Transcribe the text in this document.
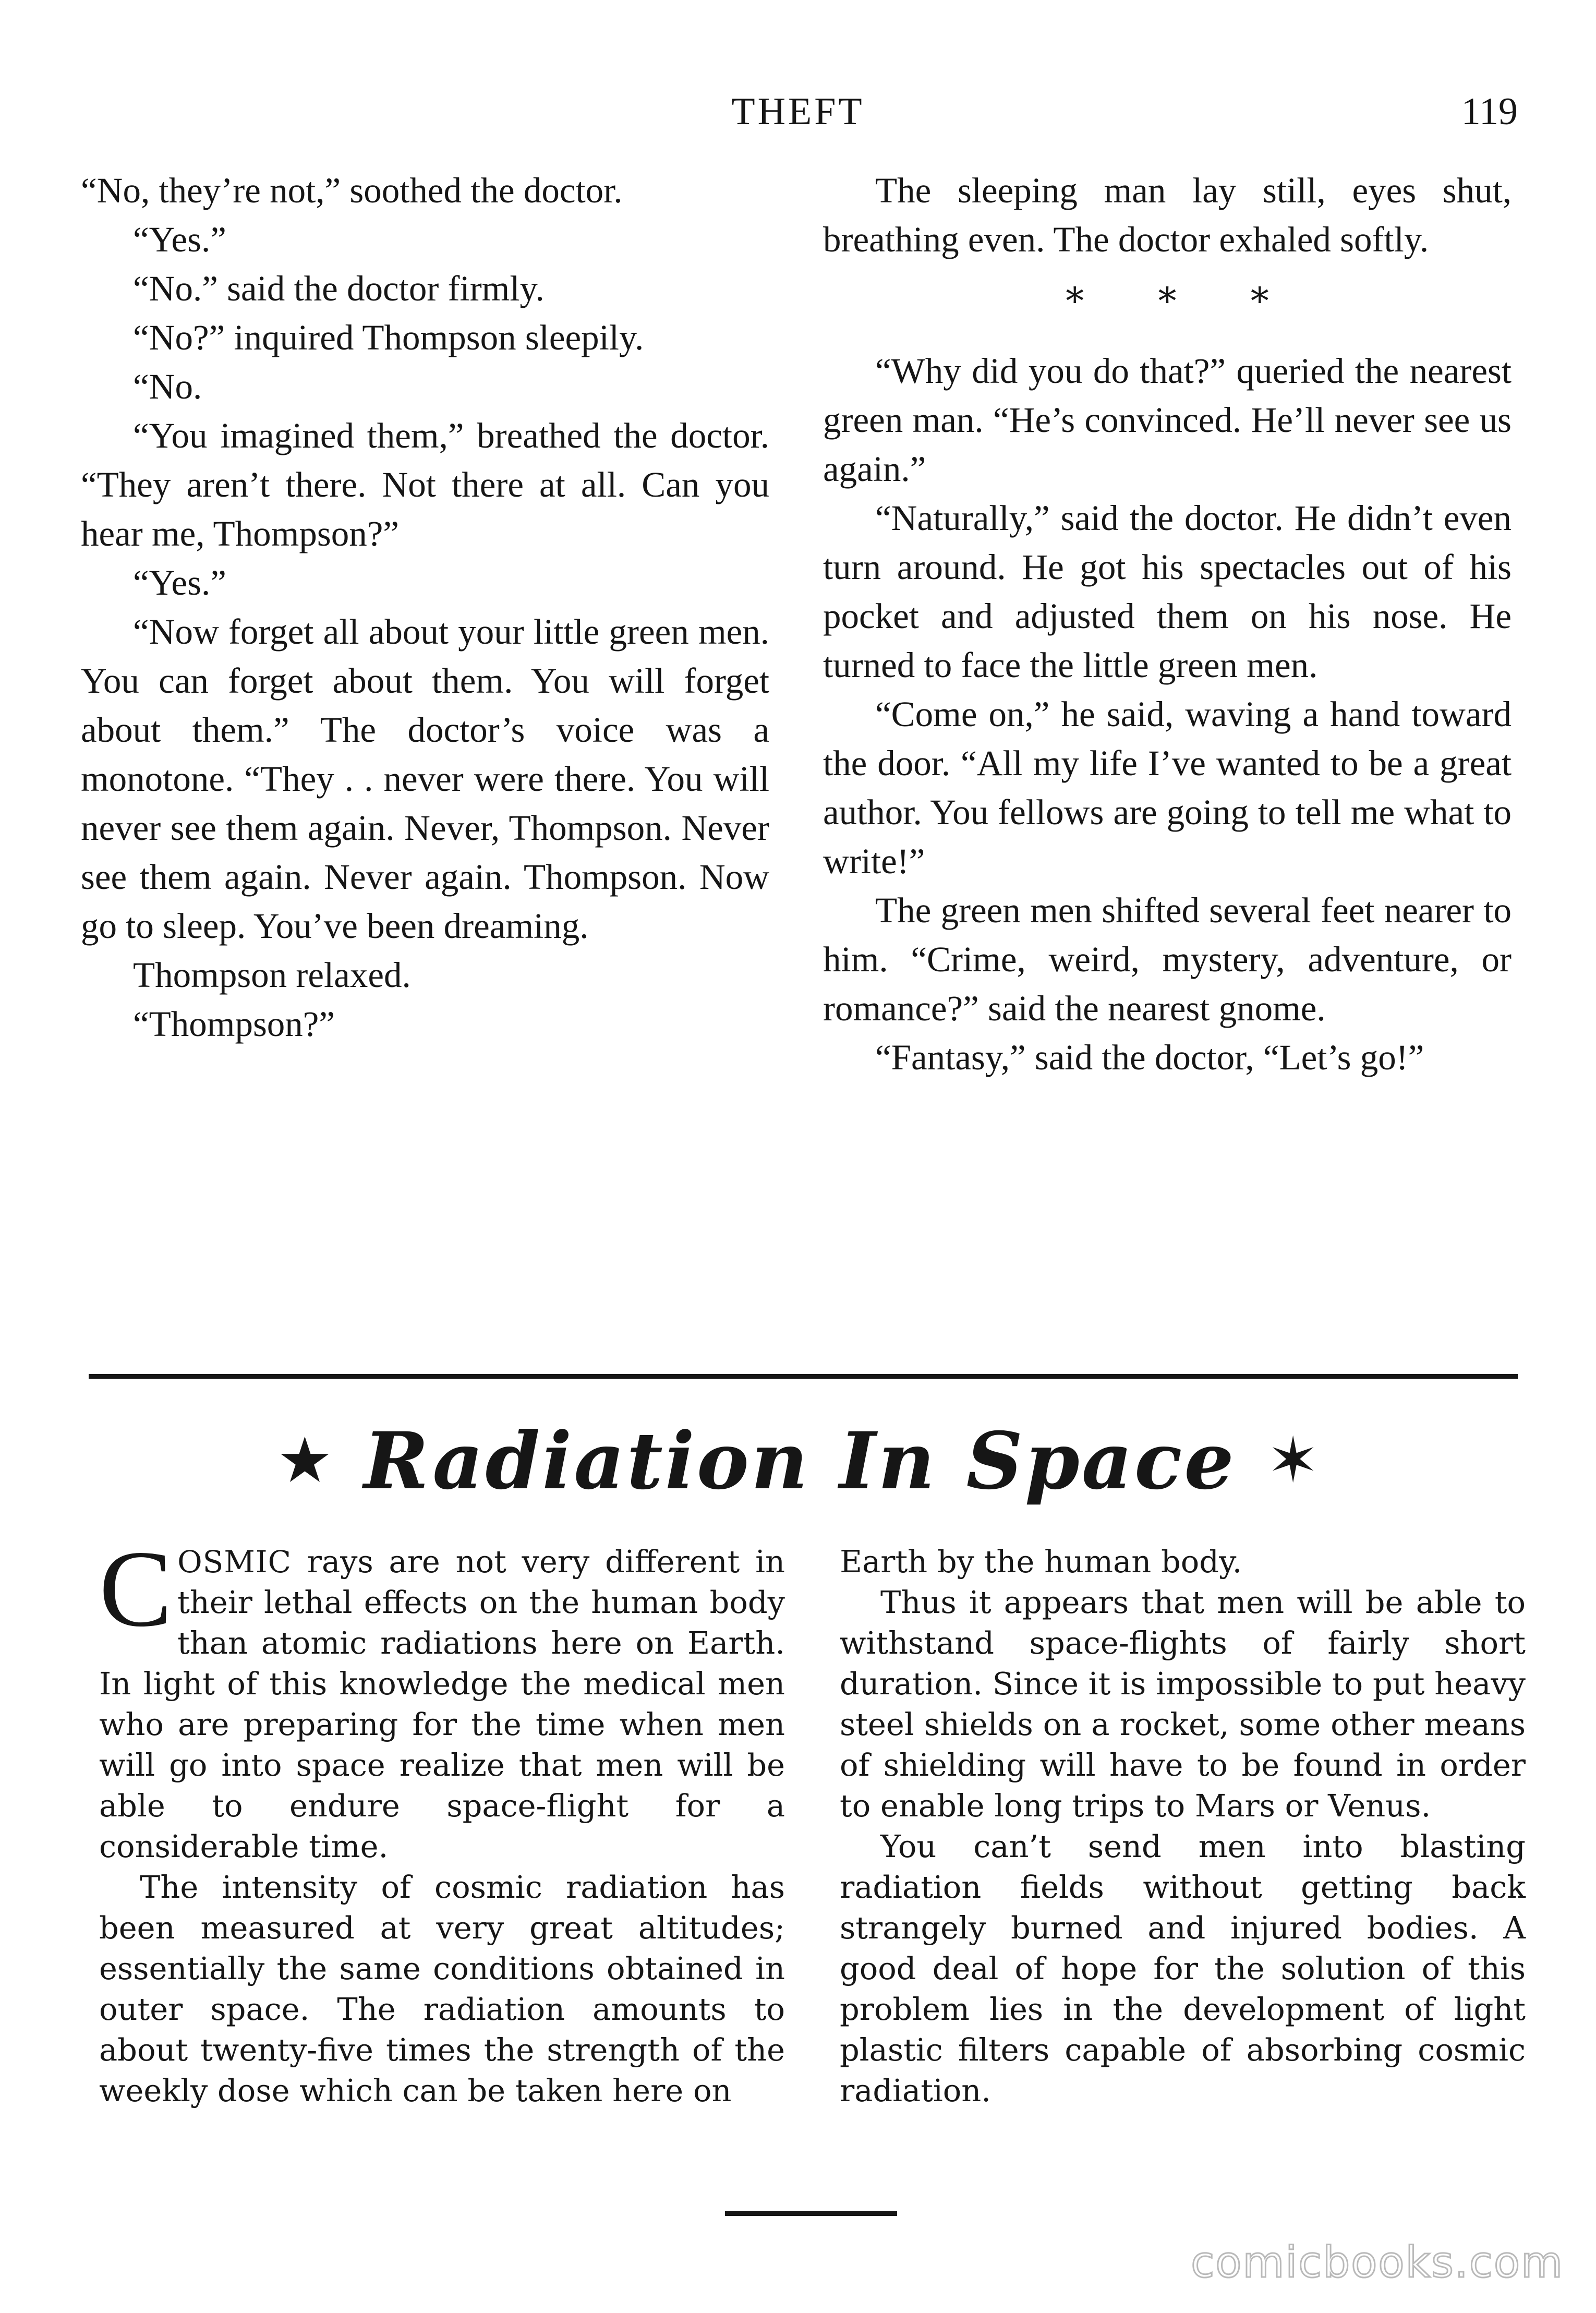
THEFT	119

“No, they’re not,” soothed the doctor.

“Yes.”

“No.” said the doctor firmly.

“No?” inquired Thompson sleepily.

“No.

“You imagined them,” breathed the doctor. “They aren’t there. Not there at all. Can you hear me, Thompson?”

“Yes.”

“Now forget all about your little green men. You can forget about them. You will forget about them.” The doctor’s voice was a monotone. “They . . never were there. You will never see them again. Never, Thompson. Never see them again. Never again. Thompson. Now go to sleep. You’ve been dreaming.

Thompson relaxed.

“Thompson?”

The sleeping man lay still, eyes shut, breathing even. The doctor exhaled softly.

* * *

“Why did you do that?” queried the nearest green man. “He’s convinced. He’ll never see us again.”

“Naturally,” said the doctor. He didn’t even turn around. He got his spectacles out of his pocket and adjusted them on his nose. He turned to face the little green men.

“Come on,” he said, waving a hand toward the door. “All my life I’ve wanted to be a great author. You fellows are going to tell me what to write!”

The green men shifted several feet nearer to him. “Crime, weird, mystery, adventure, or romance?” said the nearest gnome.

“Fantasy,” said the doctor, “Let’s go!”

★ Radiation In Space ✶

COSMIC rays are not very different in their lethal effects on the human body than atomic radiations here on Earth. In light of this knowledge the medical men who are preparing for the time when men will go into space realize that men will be able to endure space-flight for a considerable time.

The intensity of cosmic radiation has been measured at very great altitudes; essentially the same conditions obtained in outer space. The radiation amounts to about twenty-five times the strength of the weekly dose which can be taken here on

Earth by the human body.

Thus it appears that men will be able to withstand space-flights of fairly short duration. Since it is impossible to put heavy steel shields on a rocket, some other means of shielding will have to be found in order to enable long trips to Mars or Venus.

You can’t send men into blasting radiation fields without getting back strangely burned and injured bodies. A good deal of hope for the solution of this problem lies in the development of light plastic filters capable of absorbing cosmic radiation.

comicbooks.com
